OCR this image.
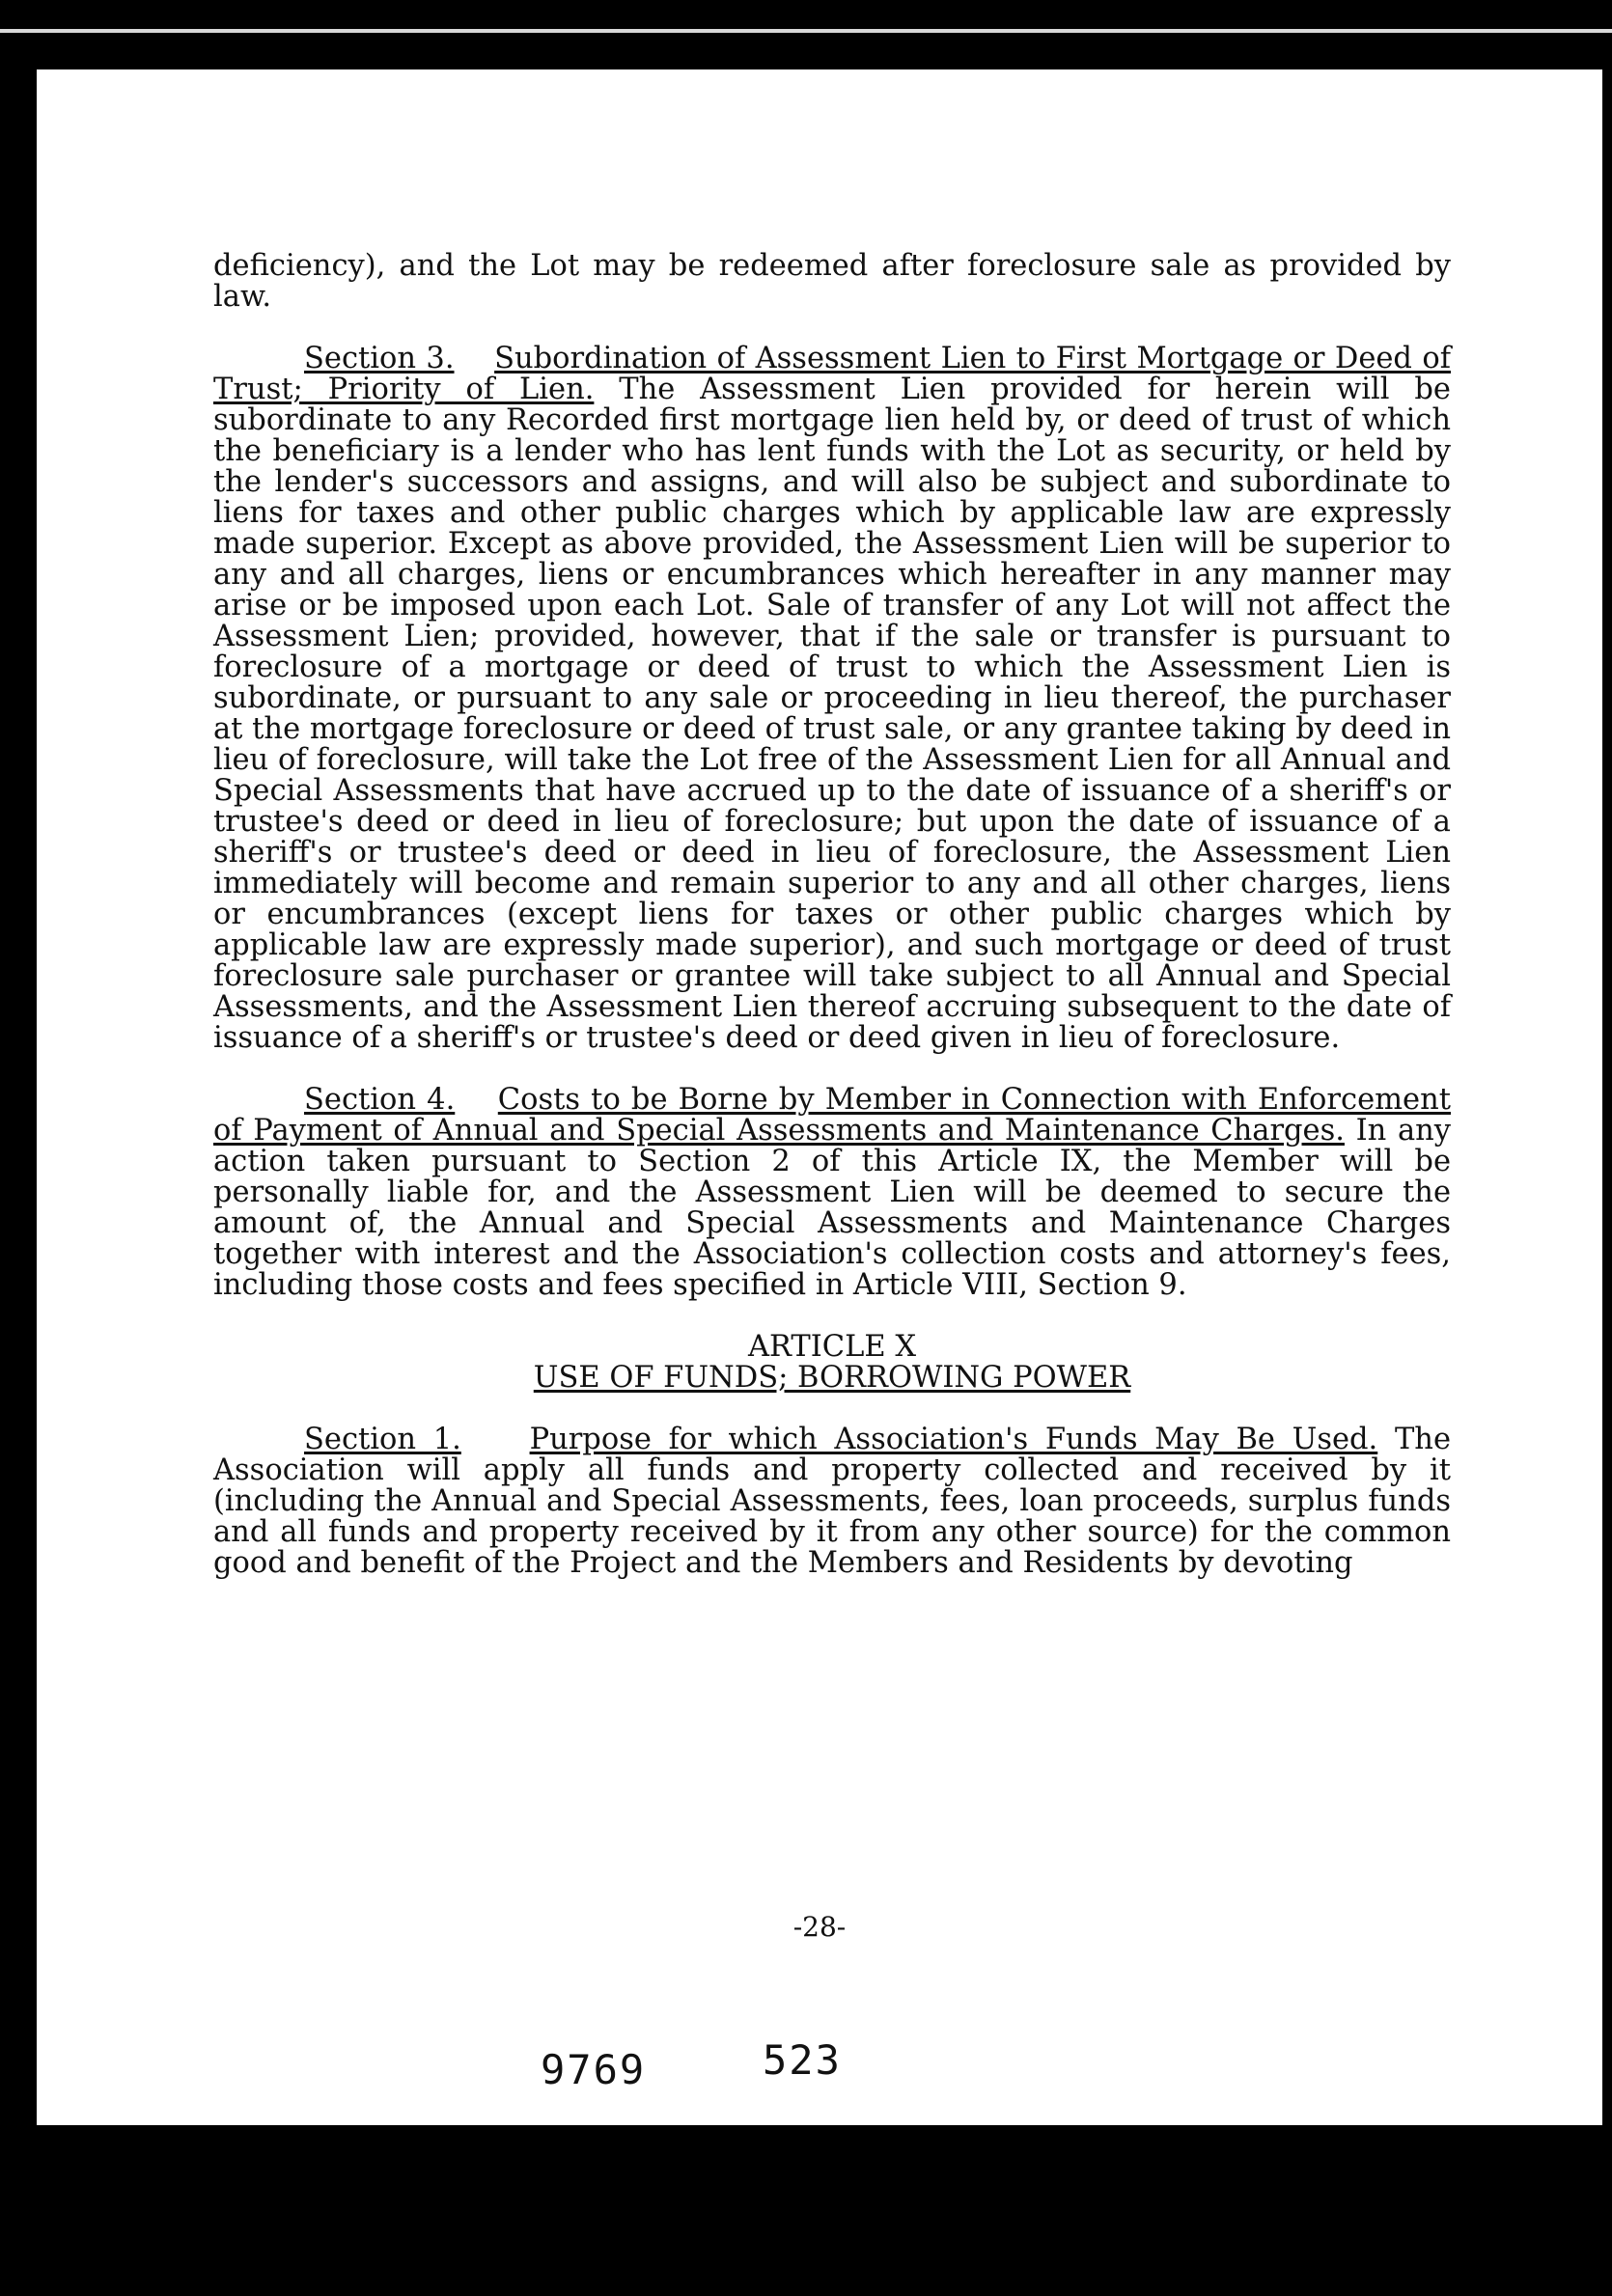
deficiency), and the Lot may be redeemed after foreclosure sale as provided by law.

Section 3. Subordination of Assessment Lien to First Mortgage or Deed of Trust; Priority of Lien. The Assessment Lien provided for herein will be subordinate to any Recorded first mortgage lien held by, or deed of trust of which the beneficiary is a lender who has lent funds with the Lot as security, or held by the lender's successors and assigns, and will also be subject and subordinate to liens for taxes and other public charges which by applicable law are expressly made superior. Except as above provided, the Assessment Lien will be superior to any and all charges, liens or encumbrances which hereafter in any manner may arise or be imposed upon each Lot. Sale of transfer of any Lot will not affect the Assessment Lien; provided, however, that if the sale or transfer is pursuant to foreclosure of a mortgage or deed of trust to which the Assessment Lien is subordinate, or pursuant to any sale or proceeding in lieu thereof, the purchaser at the mortgage foreclosure or deed of trust sale, or any grantee taking by deed in lieu of foreclosure, will take the Lot free of the Assessment Lien for all Annual and Special Assessments that have accrued up to the date of issuance of a sheriff's or trustee's deed or deed in lieu of foreclosure; but upon the date of issuance of a sheriff's or trustee's deed or deed in lieu of foreclosure, the Assessment Lien immediately will become and remain superior to any and all other charges, liens or encumbrances (except liens for taxes or other public charges which by applicable law are expressly made superior), and such mortgage or deed of trust foreclosure sale purchaser or grantee will take subject to all Annual and Special Assessments, and the Assessment Lien thereof accruing subsequent to the date of issuance of a sheriff's or trustee's deed or deed given in lieu of foreclosure.

Section 4. Costs to be Borne by Member in Connection with Enforcement of Payment of Annual and Special Assessments and Maintenance Charges. In any action taken pursuant to Section 2 of this Article IX, the Member will be personally liable for, and the Assessment Lien will be deemed to secure the amount of, the Annual and Special Assessments and Maintenance Charges together with interest and the Association's collection costs and attorney's fees, including those costs and fees specified in Article VIII, Section 9.

ARTICLE X
USE OF FUNDS; BORROWING POWER

Section 1. Purpose for which Association's Funds May Be Used. The Association will apply all funds and property collected and received by it (including the Annual and Special Assessments, fees, loan proceeds, surplus funds and all funds and property received by it from any other source) for the common good and benefit of the Project and the Members and Residents by devoting

-28-
9769	523
